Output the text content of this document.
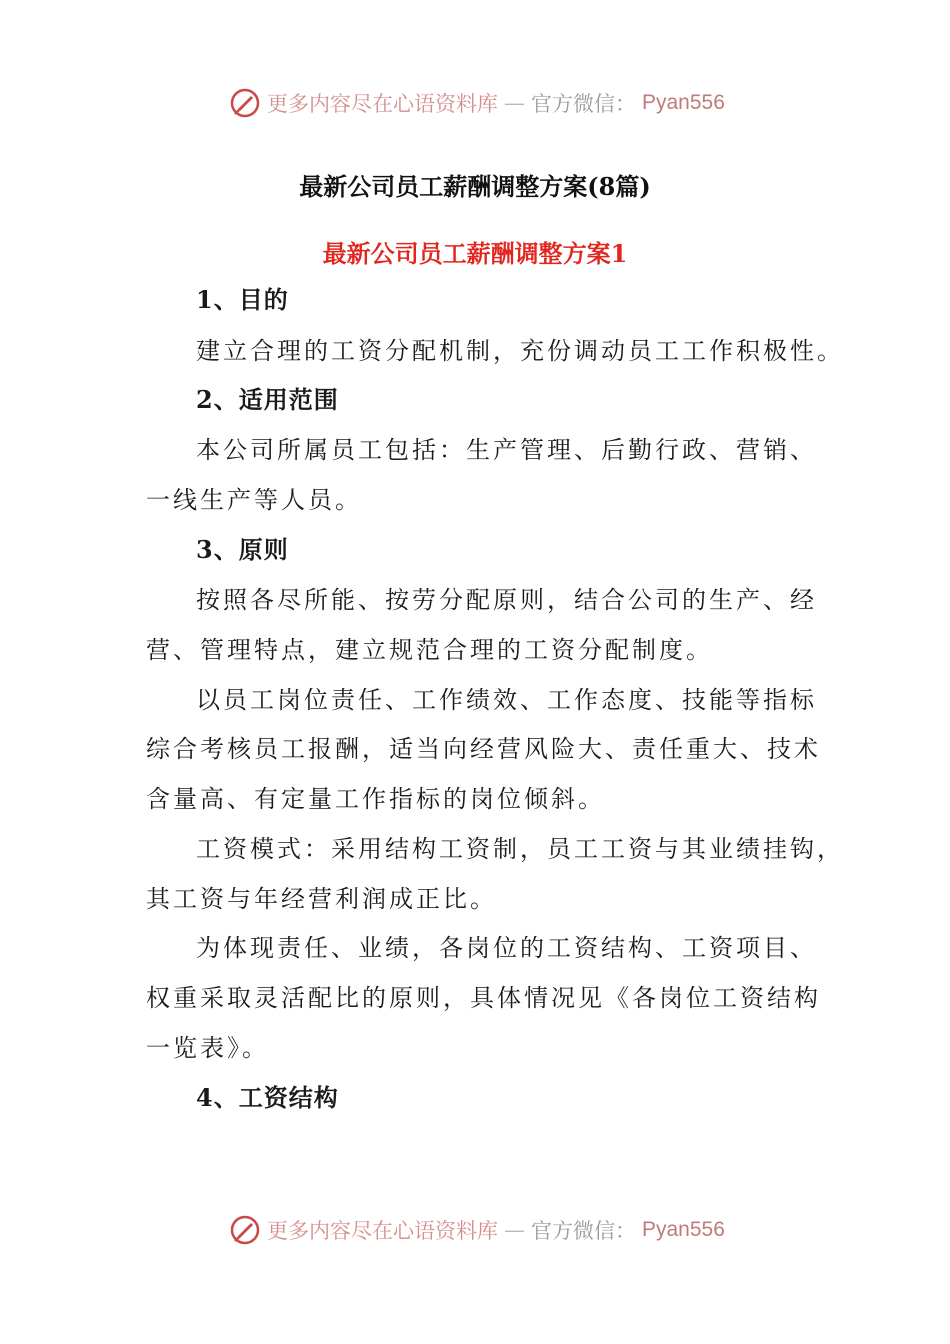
更多内容尽在心语资料库 — 官方微信： Pyan556
最新公司员工薪酬调整方案(8篇)
最新公司员工薪酬调整方案1
1、目的
建立合理的工资分配机制，充份调动员工工作积极性。
2、适用范围
本公司所属员工包括：生产管理、后勤行政、营销、
一线生产等人员。
3、原则
按照各尽所能、按劳分配原则，结合公司的生产、经
营、管理特点，建立规范合理的工资分配制度。
以员工岗位责任、工作绩效、工作态度、技能等指标
综合考核员工报酬，适当向经营风险大、责任重大、技术
含量高、有定量工作指标的岗位倾斜。
工资模式：采用结构工资制，员工工资与其业绩挂钩，
其工资与年经营利润成正比。
为体现责任、业绩，各岗位的工资结构、工资项目、
权重采取灵活配比的原则，具体情况见《各岗位工资结构
一览表》。
4、工资结构
更多内容尽在心语资料库 — 官方微信： Pyan556
